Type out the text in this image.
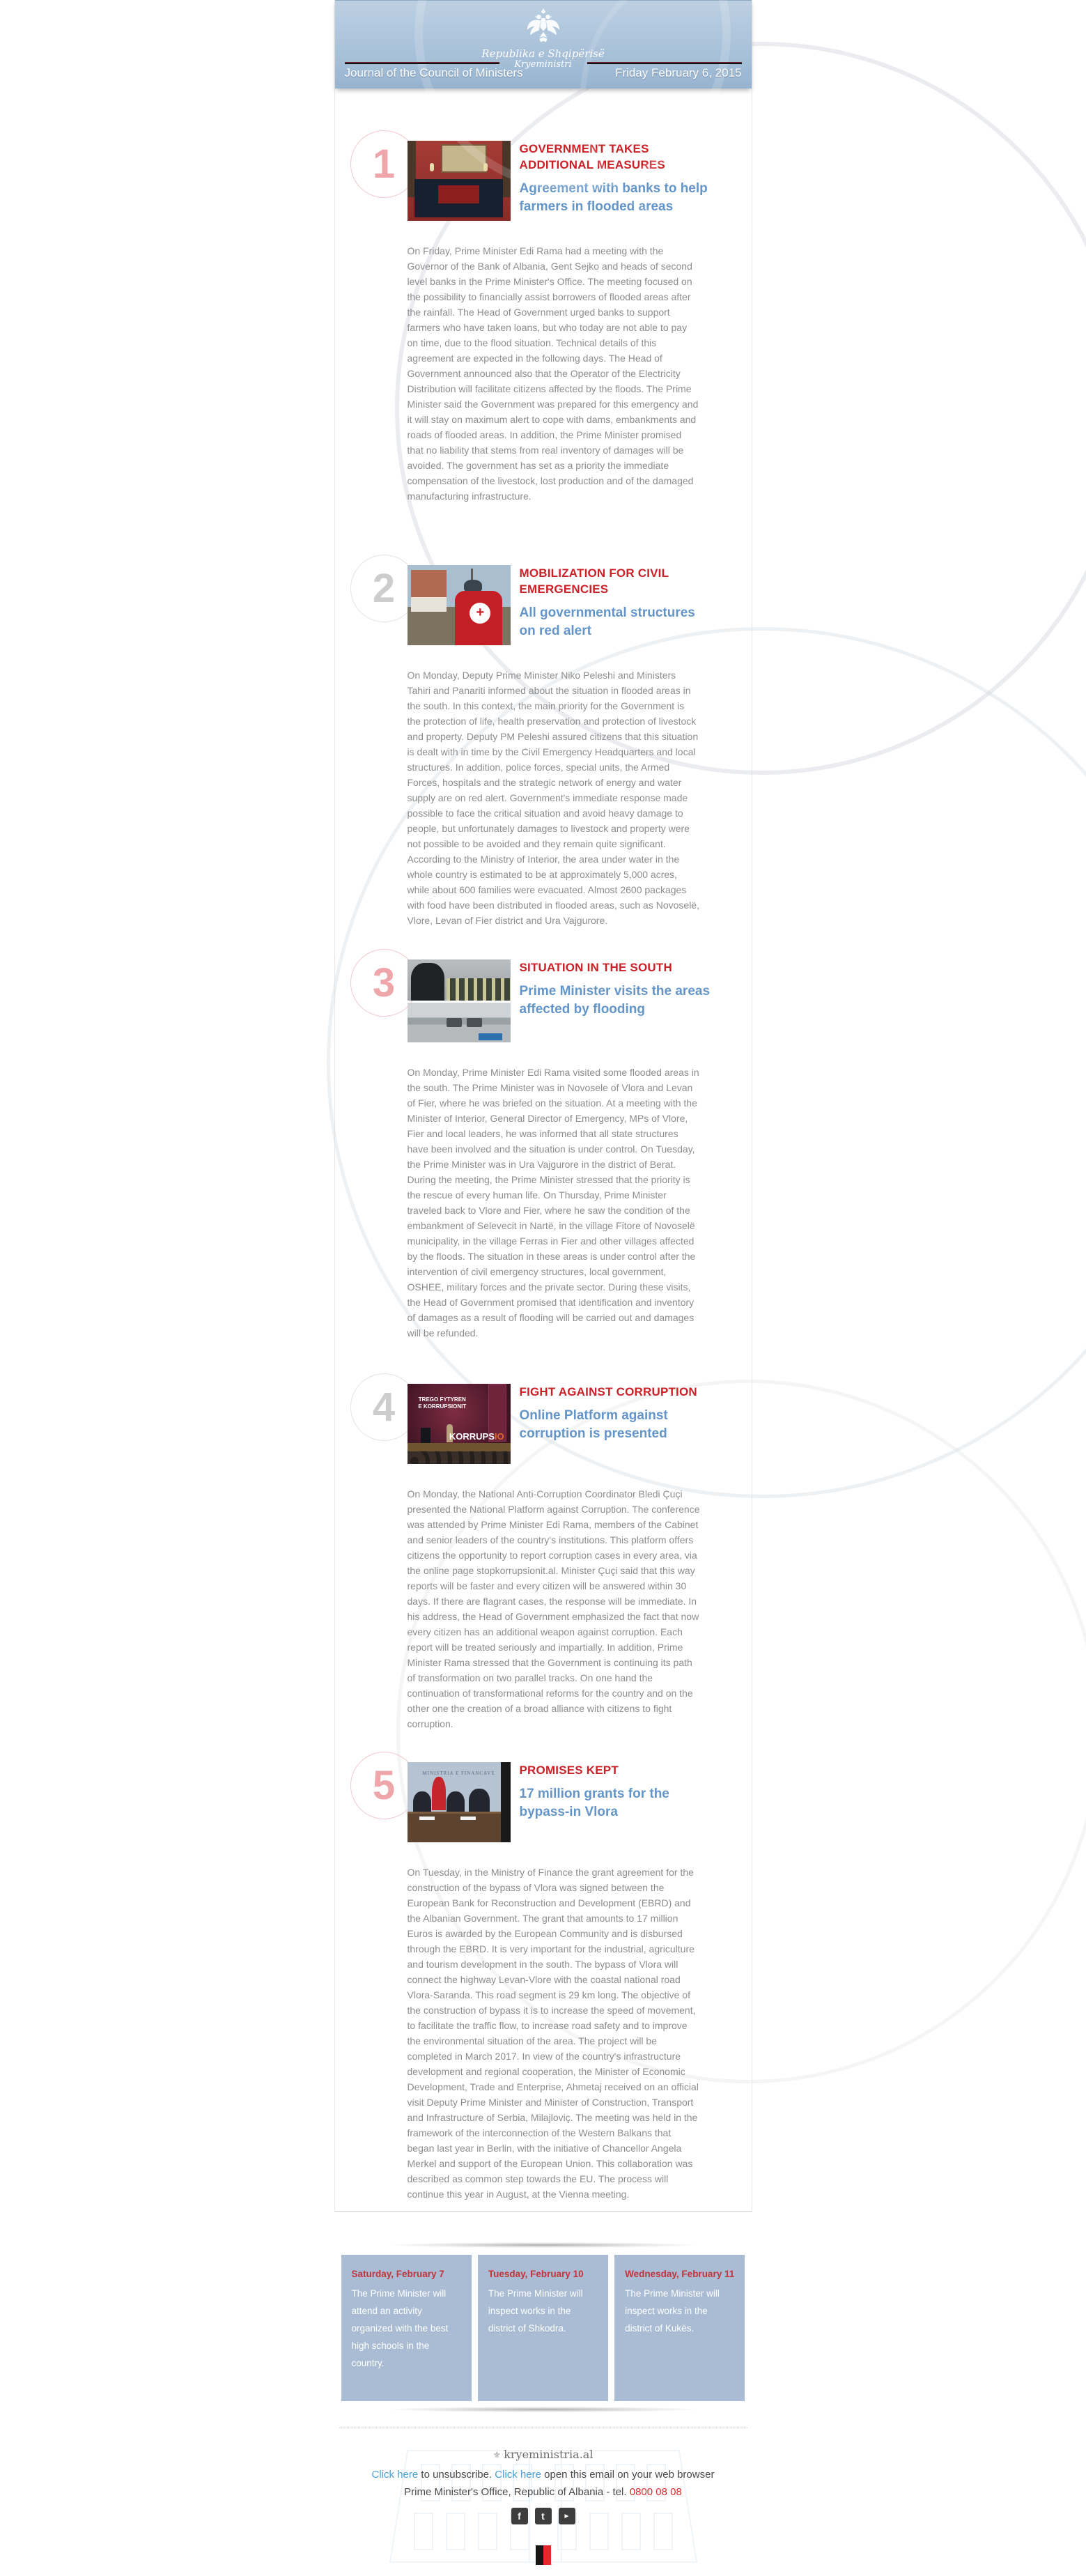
Republika e Shqipërisë
Kryeministri
Journal of the Council of Ministers	Friday February 6, 2015
1	GOVERNMENT TAKES ADDITIONAL MEASURES
Agreement with banks to help farmers in flooded areas
On Friday, Prime Minister Edi Rama had a meeting with the Governor of the Bank of Albania, Gent Sejko and heads of second level banks in the Prime Minister's Office. The meeting focused on the possibility to financially assist borrowers of flooded areas after the rainfall. The Head of Government urged banks to support farmers who have taken loans, but who today are not able to pay on time, due to the flood situation. Technical details of this agreement are expected in the following days. The Head of Government announced also that the Operator of the Electricity Distribution will facilitate citizens affected by the floods. The Prime Minister said the Government was prepared for this emergency and it will stay on maximum alert to cope with dams, embankments and roads of flooded areas. In addition, the Prime Minister promised that no liability that stems from real inventory of damages will be avoided. The government has set as a priority the immediate compensation of the livestock, lost production and of the damaged manufacturing infrastructure.
2
+
MOBILIZATION FOR CIVIL EMERGENCIES
All governmental structures on red alert
On Monday, Deputy Prime Minister Niko Peleshi and Ministers Tahiri and Panariti informed about the situation in flooded areas in the south. In this context, the main priority for the Government is the protection of life, health preservation and protection of livestock and property. Deputy PM Peleshi assured citizens that this situation is dealt with in time by the Civil Emergency Headquarters and local structures. In addition, police forces, special units, the Armed Forces, hospitals and the strategic network of energy and water supply are on red alert. Government's immediate response made possible to face the critical situation and avoid heavy damage to people, but unfortunately damages to livestock and property were not possible to be avoided and they remain quite significant. According to the Ministry of Interior, the area under water in the whole country is estimated to be at approximately 5,000 acres, while about 600 families were evacuated. Almost 2600 packages with food have been distributed in flooded areas, such as Novoselë, Vlore, Levan of Fier district and Ura Vajgurore.
3	SITUATION IN THE SOUTH
Prime Minister visits the areas affected by flooding
On Monday, Prime Minister Edi Rama visited some flooded areas in the south. The Prime Minister was in Novosele of Vlora and Levan of Fier, where he was briefed on the situation. At a meeting with the Minister of Interior, General Director of Emergency, MPs of Vlore, Fier and local leaders, he was informed that all state structures have been involved and the situation is under control. On Tuesday, the Prime Minister was in Ura Vajgurore in the district of Berat. During the meeting, the Prime Minister stressed that the priority is the rescue of every human life. On Thursday, Prime Minister traveled back to Vlore and Fier, where he saw the condition of the embankment of Selevecit in Nartë, in the village Fitore of Novoselë municipality, in the village Ferras in Fier and other villages affected by the floods. The situation in these areas is under control after the intervention of civil emergency structures, local government, OSHEE, military forces and the private sector. During these visits, the Head of Government promised that identification and inventory of damages as a result of flooding will be carried out and damages will be refunded.
4	TREGO FYTYREN E KORRUPSIONIT
KORRUPSIO
FIGHT AGAINST CORRUPTION
Online Platform against corruption is presented
On Monday, the National Anti-Corruption Coordinator Bledi Çuçi presented the National Platform against Corruption. The conference was attended by Prime Minister Edi Rama, members of the Cabinet and senior leaders of the country's institutions. This platform offers citizens the opportunity to report corruption cases in every area, via the online page stopkorrupsionit.al. Minister Çuçi said that this way reports will be faster and every citizen will be answered within 30 days. If there are flagrant cases, the response will be immediate. In his address, the Head of Government emphasized the fact that now every citizen has an additional weapon against corruption. Each report will be treated seriously and impartially. In addition, Prime Minister Rama stressed that the Government is continuing its path of transformation on two parallel tracks. On one hand the continuation of transformational reforms for the country and on the other one the creation of a broad alliance with citizens to fight corruption.
5	MINISTRIA E FINANCAVE	PROMISES KEPT
17 million grants for the bypass-in Vlora
On Tuesday, in the Ministry of Finance the grant agreement for the construction of the bypass of Vlora was signed between the European Bank for Reconstruction and Development (EBRD) and the Albanian Government. The grant that amounts to 17 million Euros is awarded by the European Community and is disbursed through the EBRD. It is very important for the industrial, agriculture and tourism development in the south. The bypass of Vlora will connect the highway Levan-Vlore with the coastal national road Vlora-Saranda. This road segment is 29 km long. The objective of the construction of bypass it is to increase the speed of movement, to facilitate the traffic flow, to increase road safety and to improve the environmental situation of the area. The project will be completed in March 2017. In view of the country's infrastructure development and regional cooperation, the Minister of Economic Development, Trade and Enterprise, Ahmetaj received on an official visit Deputy Prime Minister and Minister of Construction, Transport and Infrastructure of Serbia, Milajloviç. The meeting was held in the framework of the interconnection of the Western Balkans that began last year in Berlin, with the initiative of Chancellor Angela Merkel and support of the European Union. This collaboration was described as common step towards the EU. The process will continue this year in August, at the Vienna meeting.
Saturday, February 7
The Prime Minister will attend an activity organized with the best high schools in the country.
Tuesday, February 10
The Prime Minister will inspect works in the district of Shkodra.
Wednesday, February 11
The Prime Minister will inspect works in the district of Kukës.
⚜ kryeministria.al
Click here to unsubscribe. Click here open this email on your web browser
Prime Minister's Office, Republic of Albania - tel. 0800 08 08
f	t	►
